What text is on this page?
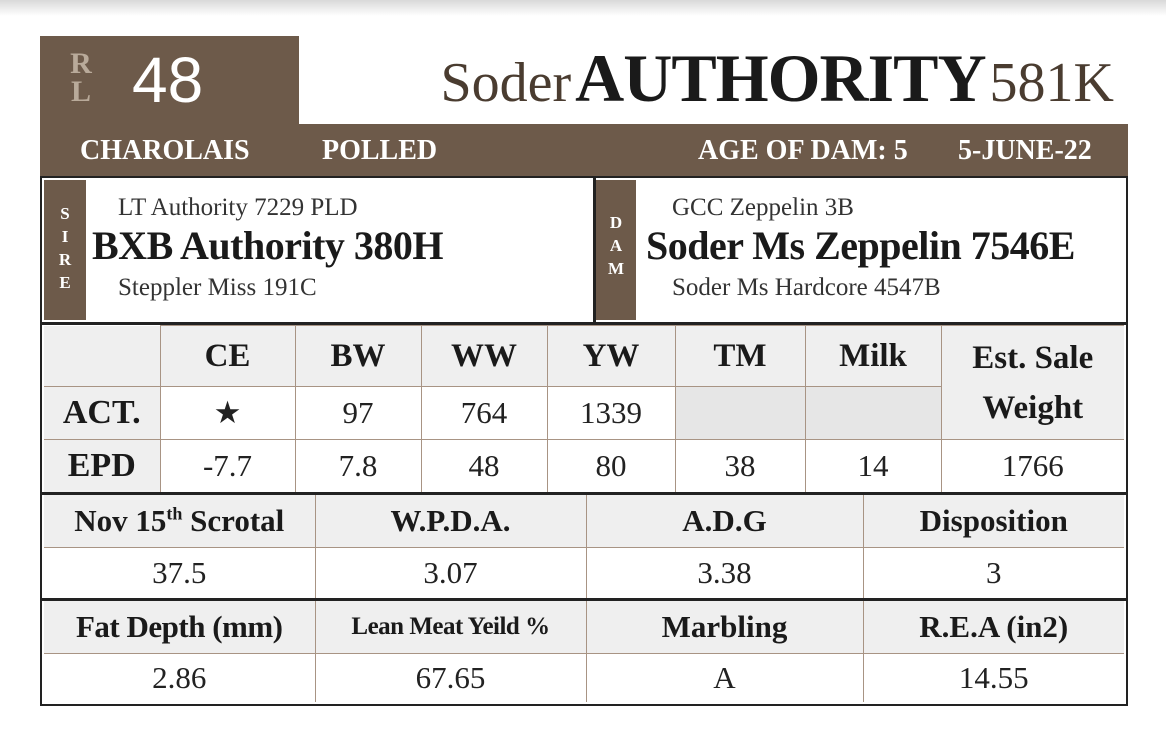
R
L 48	Soder AUTHORITY 581K
CHAROLAIS	POLLED	AGE OF DAM: 5 5-JUNE-22
S
I
R
E
LT Authority 7229 PLD
BXB Authority 380H
Steppler Miss 191C
D
A
M
GCC Zeppelin 3B
Soder Ms Zeppelin 7546E
Soder Ms Hardcore 4547B
	CE	BW	WW	YW	TM	Milk	Est. Sale
Weight
ACT.	★	97	764	1339			
EPD	-7.7	7.8	48	80	38	14	1766
Nov 15th Scrotal	W.P.D.A.	A.D.G	Disposition
37.5	3.07	3.38	3
Fat Depth (mm)	Lean Meat Yeild %	Marbling	R.E.A (in2)
2.86	67.65	A	14.55
